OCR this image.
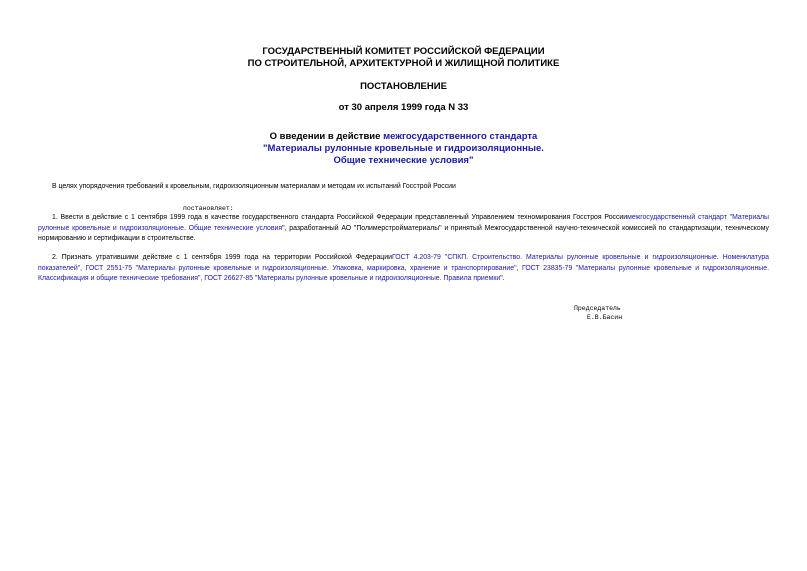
ГОСУДАРСТВЕННЫЙ КОМИТЕТ РОССИЙСКОЙ ФЕДЕРАЦИИ
ПО СТРОИТЕЛЬНОЙ, АРХИТЕКТУРНОЙ И ЖИЛИЩНОЙ ПОЛИТИКЕ
ПОСТАНОВЛЕНИЕ
от 30 апреля 1999 года N 33
О введении в действие межгосударственного стандарта
"Материалы рулонные кровельные и гидроизоляционные.
Общие технические условия"
В целях упорядочения требований к кровельным, гидроизоляционным материалам и методам их испытаний Госстрой России
постановляет:
1. Ввести в действие с 1 сентября 1999 года в качестве государственного стандарта Российской Федерации представленный Управлением техномирования Госстроя Россиимежгосударственный стандарт "Материалы рулонные кровельные и гидроизоляционные. Общие технические условия", разработанный АО "Полимерстройматериалы" и принятый Межгосударственной научно-технической комиссией по стандартизации, техническому нормированию и сертификации в строительстве.
2. Признать утратившими действие с 1 сентября 1999 года на территории Российской ФедерацииГОСТ 4.203-79 "СПКП. Строительство. Материалы рулонные кровельные и гидроизоляционные. Номенклатура показателей", ГОСТ 2551-75 "Материалы рулонные кровельные и гидроизоляционные. Упаковка, маркировка, хранение и транспортирование", ГОСТ 23835-79 "Материалы рулонные кровельные и гидроизоляционные. Классификация и общие технические требования", ГОСТ 26627-85 "Материалы рулонные кровельные и гидроизоляционные. Правила приемки".
Председатель
Е.В.Басин
